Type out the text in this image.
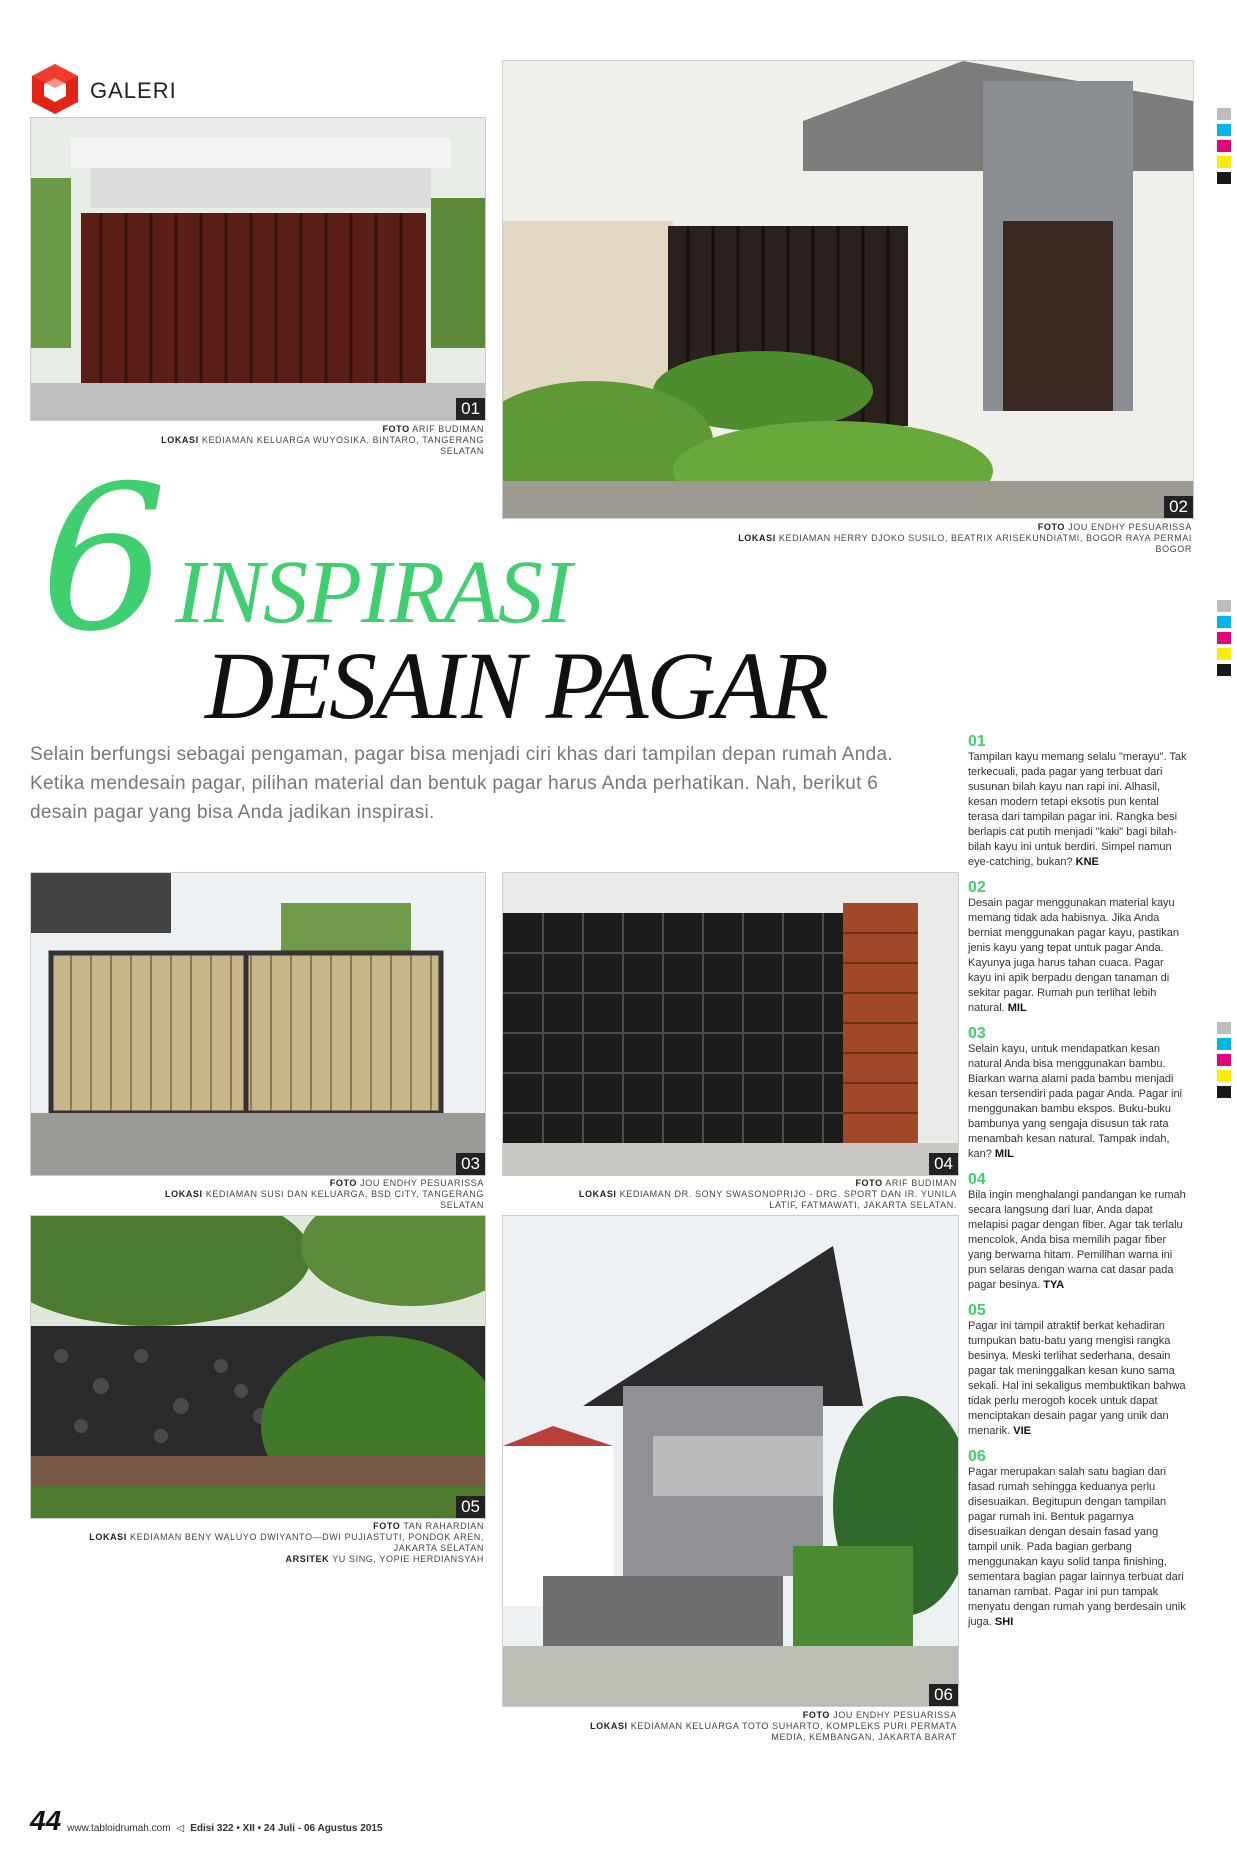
GALERI
01
FOTO ARIF BUDIMAN
LOKASI KEDIAMAN KELUARGA WUYOSIKA, BINTARO, TANGERANG SELATAN
02
FOTO JOU ENDHY PESUARISSA
LOKASI KEDIAMAN HERRY DJOKO SUSILO, BEATRIX ARISEKUNDIATMI, BOGOR RAYA PERMAI BOGOR
6 INSPIRASI
DESAIN PAGAR
Selain berfungsi sebagai pengaman, pagar bisa menjadi ciri khas dari tampilan depan rumah Anda. Ketika mendesain pagar, pilihan material dan bentuk pagar harus Anda perhatikan. Nah, berikut 6 desain pagar yang bisa Anda jadikan inspirasi.
03
FOTO JOU ENDHY PESUARISSA
LOKASI KEDIAMAN SUSI DAN KELUARGA, BSD CITY, TANGERANG SELATAN
04
FOTO ARIF BUDIMAN
LOKASI KEDIAMAN DR. SONY SWASONOPRIJO - DRG. SPORT DAN IR. YUNILA LATIF, FATMAWATI, JAKARTA SELATAN.
05
FOTO TAN RAHARDIAN
LOKASI KEDIAMAN BENY WALUYO DWIYANTO—DWI PUJIASTUTI, PONDOK AREN, JAKARTA SELATAN
ARSITEK YU SING, YOPIE HERDIANSYAH
06
FOTO JOU ENDHY PESUARISSA
LOKASI KEDIAMAN KELUARGA TOTO SUHARTO, KOMPLEKS PURI PERMATA MEDIA, KEMBANGAN, JAKARTA BARAT
01
Tampilan kayu memang selalu "merayu". Tak terkecuali, pada pagar yang terbuat dari susunan bilah kayu nan rapi ini. Alhasil, kesan modern tetapi eksotis pun kental terasa dari tampilan pagar ini. Rangka besi berlapis cat putih menjadi "kaki" bagi bilah-bilah kayu ini untuk berdiri. Simpel namun eye-catching, bukan? KNE
02
Desain pagar menggunakan material kayu memang tidak ada habisnya. Jika Anda berniat menggunakan pagar kayu, pastikan jenis kayu yang tepat untuk pagar Anda. Kayunya juga harus tahan cuaca. Pagar kayu ini apik berpadu dengan tanaman di sekitar pagar. Rumah pun terlihat lebih natural. MIL
03
Selain kayu, untuk mendapatkan kesan natural Anda bisa menggunakan bambu. Biarkan warna alami pada bambu menjadi kesan tersendiri pada pagar Anda. Pagar ini menggunakan bambu ekspos. Buku-buku bambunya yang sengaja disusun tak rata menambah kesan natural. Tampak indah, kan? MIL
04
Bila ingin menghalangi pandangan ke rumah secara langsung dari luar, Anda dapat melapisi pagar dengan fiber. Agar tak terlalu mencolok, Anda bisa memilih pagar fiber yang berwarna hitam. Pemilihan warna ini pun selaras dengan warna cat dasar pada pagar besinya. TYA
05
Pagar ini tampil atraktif berkat kehadiran tumpukan batu-batu yang mengisi rangka besinya. Meski terlihat sederhana, desain pagar tak meninggalkan kesan kuno sama sekali. Hal ini sekaligus membuktikan bahwa tidak perlu merogoh kocek untuk dapat menciptakan desain pagar yang unik dan menarik. VIE
06
Pagar merupakan salah satu bagian dari fasad rumah sehingga keduanya perlu disesuaikan. Begitupun dengan tampilan pagar rumah ini. Bentuk pagarnya disesuaikan dengan desain fasad yang tampil unik. Pada bagian gerbang menggunakan kayu solid tanpa finishing, sementara bagian pagar lainnya terbuat dari tanaman rambat. Pagar ini pun tampak menyatu dengan rumah yang berdesain unik juga. SHI
44 www.tabloidrumah.com ◁ Edisi 322 • XII • 24 Juli - 06 Agustus 2015
